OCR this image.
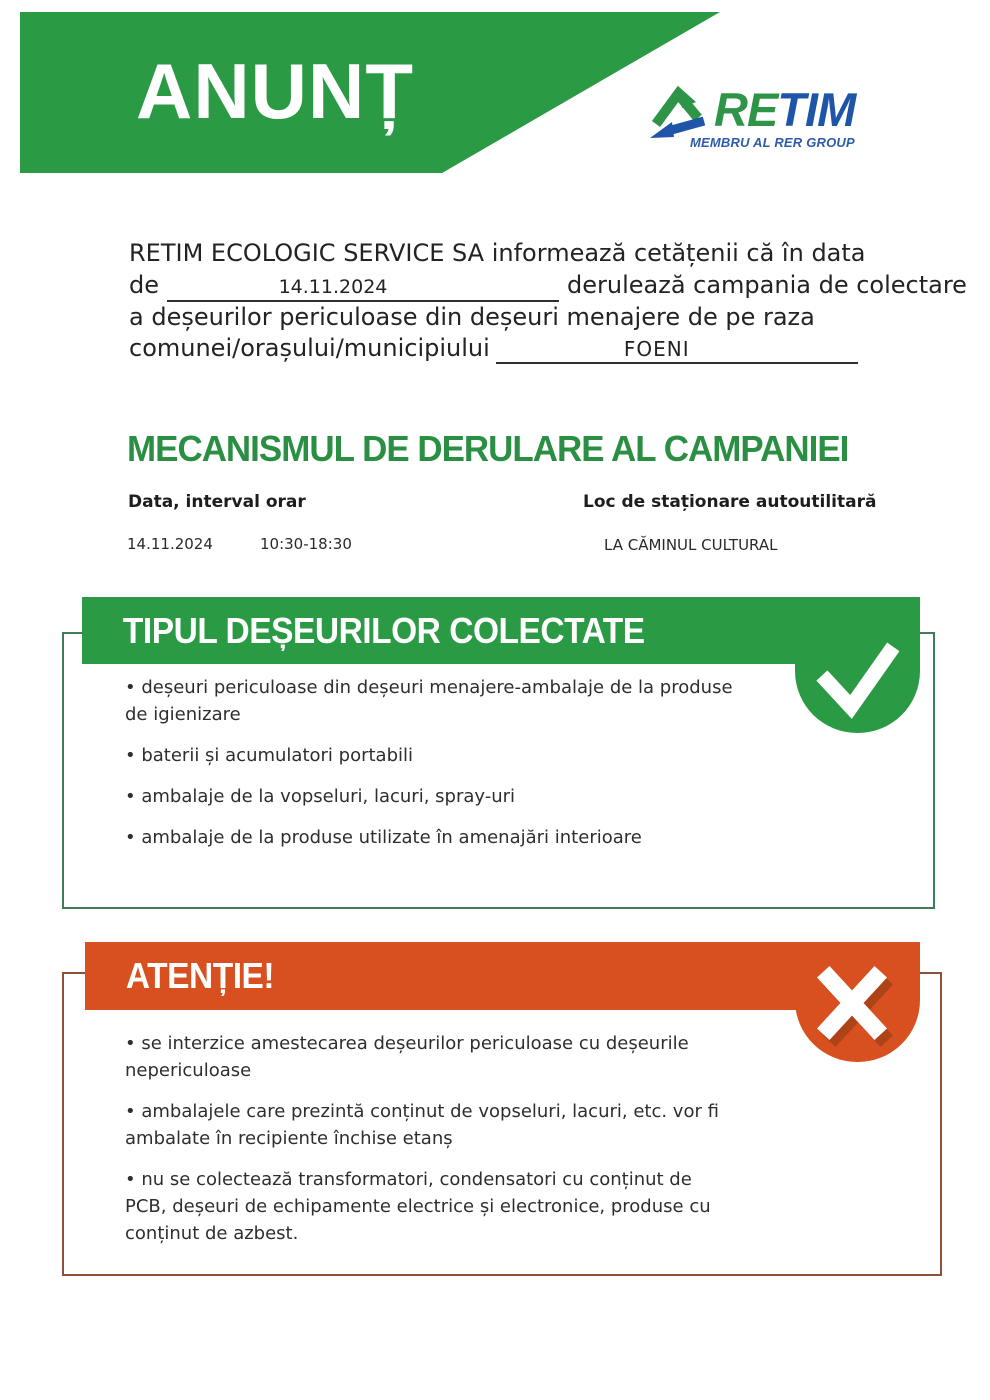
ANUNȚ	RETIM
MEMBRU AL RER GROUP
RETIM ECOLOGIC SERVICE SA informează cetățenii că în data
de	14.11.2024	derulează campania de colectare
a deșeurilor periculoase din deșeuri menajere de pe raza
comunei/orașului/municipiului	FOENI
MECANISMUL DE DERULARE AL CAMPANIEI
Data, interval orar	Loc de staționare autoutilitară
14.11.2024	10:30-18:30	LA CĂMINUL CULTURAL
TIPUL DEȘEURILOR COLECTATE
• deșeuri periculoase din deșeuri menajere-ambalaje de la produse
de igienizare
• baterii și acumulatori portabili
• ambalaje de la vopseluri, lacuri, spray-uri
• ambalaje de la produse utilizate în amenajări interioare
ATENȚIE!
• se interzice amestecarea deșeurilor periculoase cu deșeurile
nepericuloase
• ambalajele care prezintă conținut de vopseluri, lacuri, etc. vor fi
ambalate în recipiente închise etanș
• nu se colectează transformatori, condensatori cu conținut de
PCB, deșeuri de echipamente electrice și electronice, produse cu
conținut de azbest.
